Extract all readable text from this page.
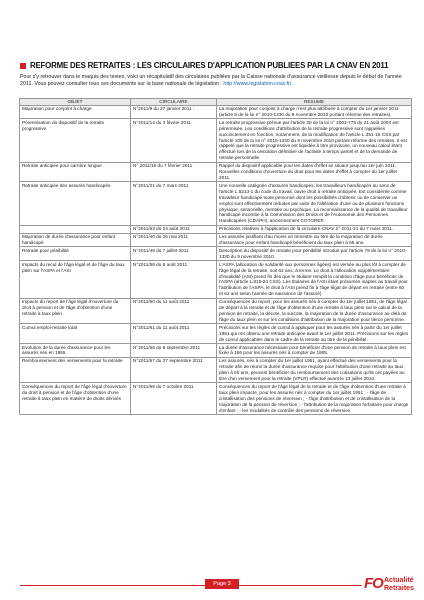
REFORME DES RETRAITES : LES CIRCULAIRES D'APPLICATION PUBLIEES PAR LA CNAV EN 2011
Pour s'y retrouver dans le maquis des textes, voici un récapitulatif des circulaires publiées par la Caisse nationale d'assurance vieillesse depuis le début de l'année 2011. Vous pouvez consulter tous ces documents sur la base nationale de législation : http://www.legislation.cnav.fr/.
OBJET	CIRCULAIRE	RESUME
Majoration pour conjoint à charge	N°2011/9 du 27 janvier 2011 :	La majoration pour conjoint à charge n'est plus attribuée à compter du 1er janvier 2011 (article 5 de la loi n° 2010-1330 du 9 novembre 2010 portant réforme des retraites).
Pérennisation du dispositif de la retraite progressive	N°2011/14 du 3 février 2011	La retraite progressive prévue par l'article 30 de la loi n° 2003-775 du 21 août 2003 est pérennisée. Les conditions d'attribution de la retraite progressive sont rappelées succinctement en fonction, notamment, de la modification de l'article L.351-15 CSS par l'article 105 de la loi n° 2010-1330 du 9 novembre 2010 portant réforme des retraites. Il est rappelé que la retraite progressive est liquidée à titre provisoire, un nouveau calcul étant effectué lors de la cessation définitive de l'activité à temps partiel et de la demande de retraite personnelle.
Retraite anticipée pour carrière longue	N° 2011/16 du 7 février 2011	Rappel du dispositif applicable pour les dates d'effet se situant jusqu'au 1er juin 2011. Nouvelles conditions d'ouverture du droit pour les dates d'effet à compter du 1er juillet 2011.
Retraite anticipée des assurés handicapés	N°2011/21 du 7 mars 2011	Une nouvelle catégorie d'assurés handicapés, les travailleurs handicapés au sens de l'article L.5213-1 du code du travail, ouvre droit à retraite anticipée. Est considérée comme travailleur handicapé toute personne dont les possibilités d'obtenir ou de conserver un emploi sont effectivement réduites par suite de l'altération d'une ou de plusieurs fonctions physique, sensorielle, mentale ou psychique. La reconnaissance de la qualité de travailleur handicapé incombe à la Commission des Droits et de l'Autonomie des Personnes Handicapées (CDAPH), anciennement COTOREP.
	N°2011/63 du 23 août 2011	Précisions relatives à l'application de la circulaire CNAV n° 2011-21 du 7 mars 2011.
Majoration de durée d'assurance pour enfant handicapé	N°2011/40 du 26 mai 2011	Les assurés justifiant d'au moins un trimestre au titre de la majoration de durée d'assurance pour enfant handicapé bénéficient du taux plein à 65 ans.
Retraite pour pénibilité	N°2011/49 du 7 juillet 2011	Description du dispositif de retraite pour pénibilité introduit par l'article 79 de la loi n° 2010-1330 du 9 novembre 2010.
Impacts du recul de l'âge légal et de l'âge du taux plein sur l'ASPA et l'ASI	N°2011/58 du 8 août 2011	L'ASPA (allocation de solidarité aux personnes âgées) est versée au plus tôt à compter de l'âge légal de la retraite, soit 62 ans, à terme. Le droit à l'allocation supplémentaire d'invalidité (ASI) prend fin dès que le titulaire remplit la condition d'âge pour bénéficier de l'ASPA (article L.815-24 CSS). Les titulaires de l'ASI étant présumés inaptes au travail pour l'attribution de l'ASPA, le droit à l'ASI prend fin à l'âge légal de départ en retraite (entre 60 et 62 ans selon l'année de naissance de l'assuré).
Impacts du report de l'âge légal d'ouverture du droit à pension et de l'âge d'obtention d'une retraite à taux plein	N°2011/60 du 11 août 2011	Conséquences du report, pour les assurés nés à compter du 1er juillet 1951, de l'âge légal de départ à la retraite et de l'âge d'obtention d'une retraite à taux plein sur le calcul de la pension de retraite, la décote, la surcote, la majoration de la durée d'assurance au-delà de l'âge du taux plein et sur les conditions d'attribution de la majoration pour tierce personne.
Cumul emploi-retraite total	N°2011/61 du 11 août 2011	Précisions sur les règles de cumul à appliquer pour les assurés nés à partir du 1er juillet 1951 qui ont obtenu une retraite anticipée avant le 1er juillet 2011. Précisions sur les règles de cumul applicables dans le cadre de la retraite au titre de la pénibilité.
Evolution de la durée d'assurance pour les assurés nés en 1955	N°2011/66 du 8 septembre 2011	La durée d'assurance nécessaire pour bénéficier d'une pension de retraite à taux plein est fixée à 166 pour les assurés nés à compter de 1955.
Remboursement des versements pour la retraite	N°2011/67 du 27 septembre 2011	Les assurés, nés à compter du 1er juillet 1951, ayant effectué des versements pour la retraite afin de réunir la durée d'assurance requise pour l'attribution d'une retraite au taux plein à 60 ans, peuvent bénéficier du remboursement des cotisations qu'ils ont payées au titre d'un versement pour la retraite (VPLR) effectué avant le 13 juillet 2010.
Conséquences du report de l'âge légal d'ouverture du droit à pension et de l'âge d'obtention d'une retraite à taux plein en matière de droits dérivés	N°2011/69 du 7 octobre 2011	Conséquences du report de l'âge légal de la retraite et de l'âge d'obtention d'une retraite à taux plein impacte, pour les assurés nés à compter du 1er juillet 1951 : - l'âge de cristallisation des pensions de réversion ; - l'âge d'attribution et de cristallisation de la majoration de la pension de réversion ; - l'attribution de la majoration forfaitaire pour charge d'enfant ; - les modalités de contrôle des pensions de réversion.
Page 3	FO Actualité
Retraites
